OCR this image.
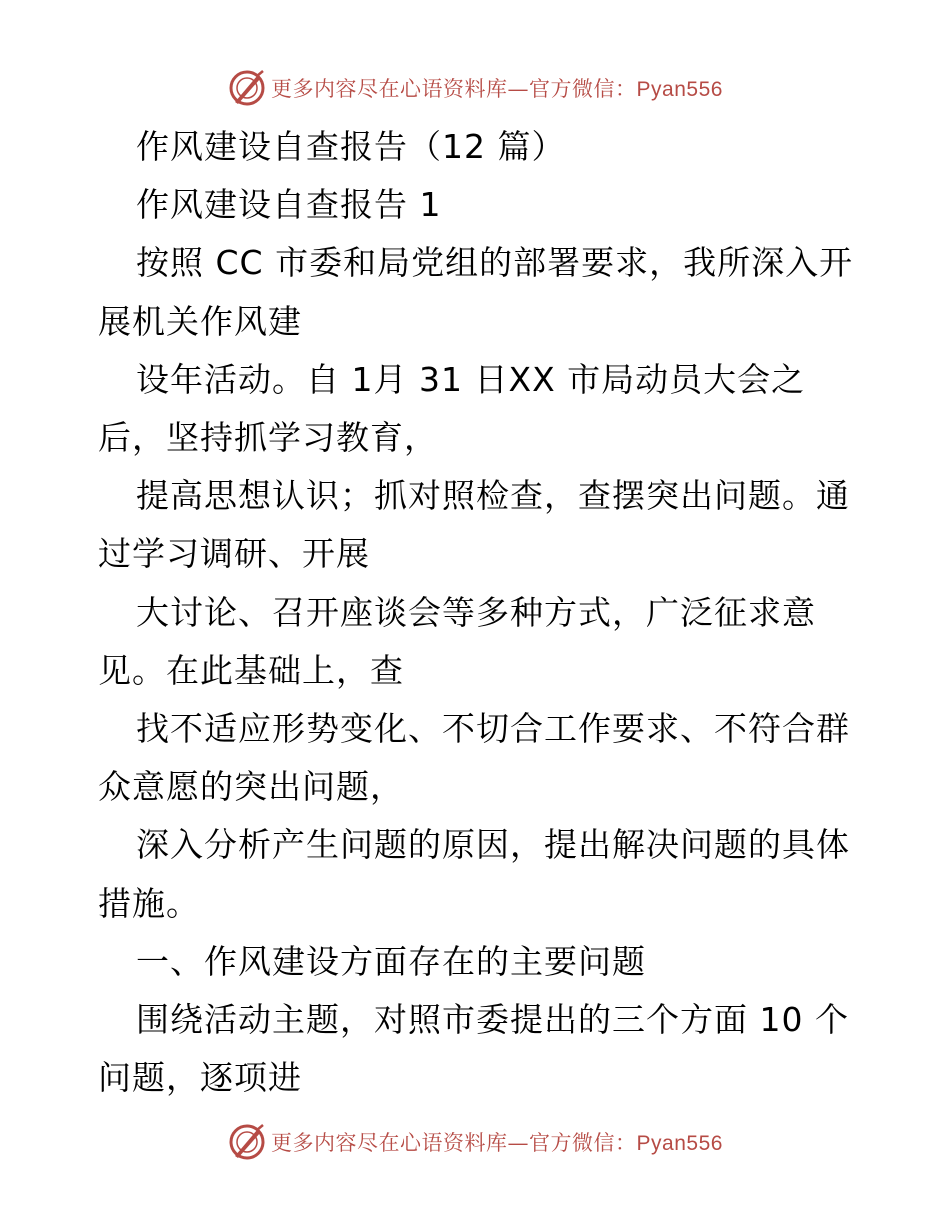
更多内容尽在心语资料库—官方微信：Pyan556
作风建设自查报告（12 篇）
作风建设自查报告 1
按照 CC 市委和局党组的部署要求，我所深入开
展机关作风建
设年活动。自 1月 31 日XX 市局动员大会之
后，坚持抓学习教育，
提高思想认识；抓对照检查，查摆突出问题。通
过学习调研、开展
大讨论、召开座谈会等多种方式，广泛征求意
见。在此基础上，查
找不适应形势变化、不切合工作要求、不符合群
众意愿的突出问题，
深入分析产生问题的原因，提出解决问题的具体
措施。
一、作风建设方面存在的主要问题
围绕活动主题，对照市委提出的三个方面 10 个
问题，逐项进
更多内容尽在心语资料库—官方微信：Pyan556
